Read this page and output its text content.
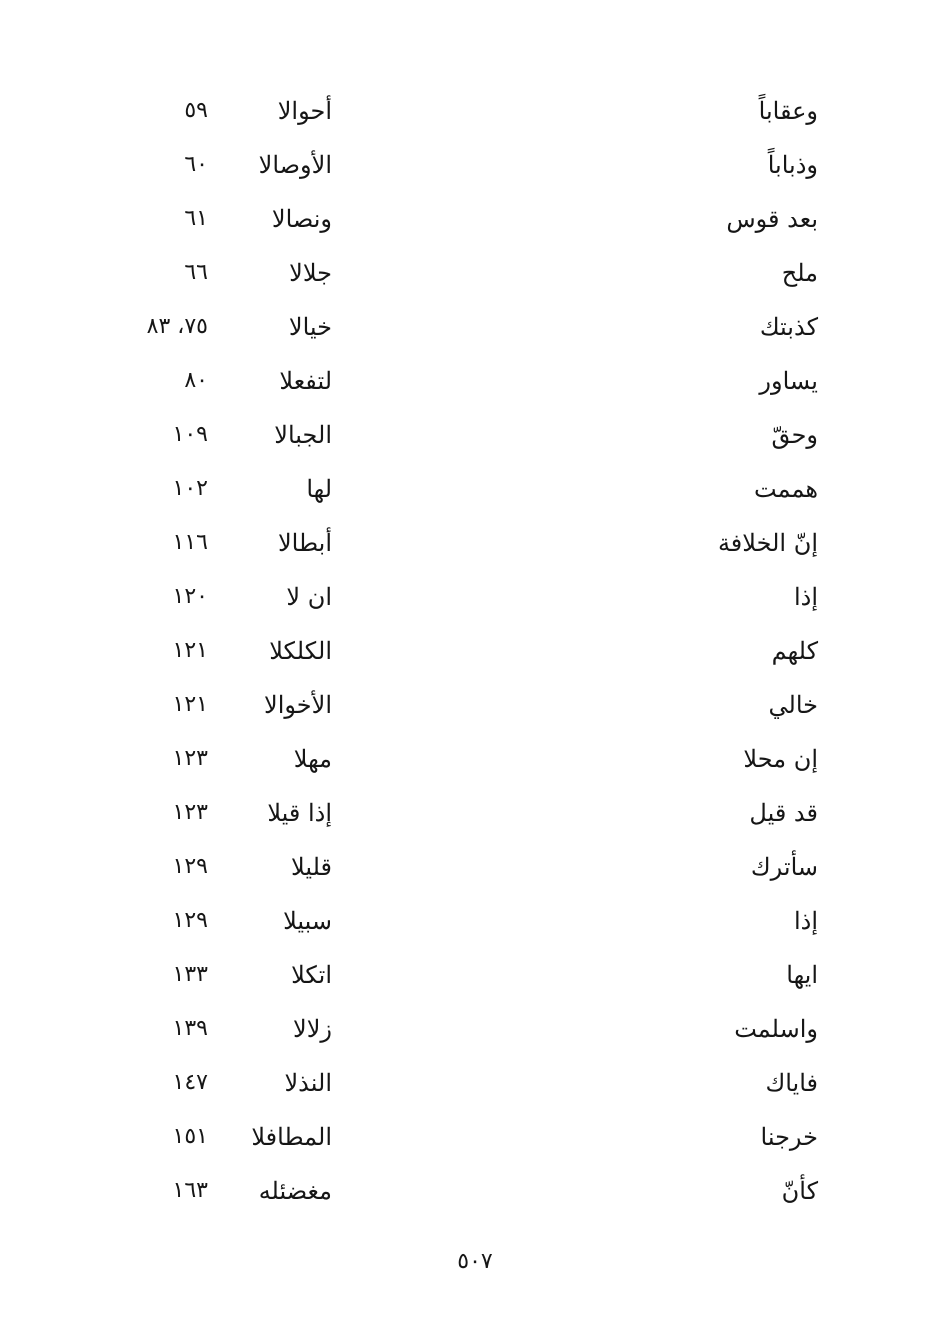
وعقاباً
أحوالا
٥٩
وذباباً
الأوصالا
٦٠
بعد قوس
ونصالا
٦١
ملح
جلالا
٦٦
كذبتك
خيالا
٧٥، ٨٣
يساور
لتفعلا
٨٠
وحقّ
الجبالا
١٠٩
هممت
لها
١٠٢
إنّ الخلافة
أبطالا
١١٦
إذا
ان لا
١٢٠
كلهم
الكلكلا
١٢١
خالي
الأخوالا
١٢١
إن محلا
مهلا
١٢٣
قد قيل
إذا قيلا
١٢٣
سأترك
قليلا
١٢٩
إذا
سبيلا
١٢٩
ايها
اتكلا
١٣٣
واسلمت
زلالا
١٣٩
فاياك
النذلا
١٤٧
خرجنا
المطافلا
١٥١
كأنّ
مغضئله
١٦٣
٥٠٧
